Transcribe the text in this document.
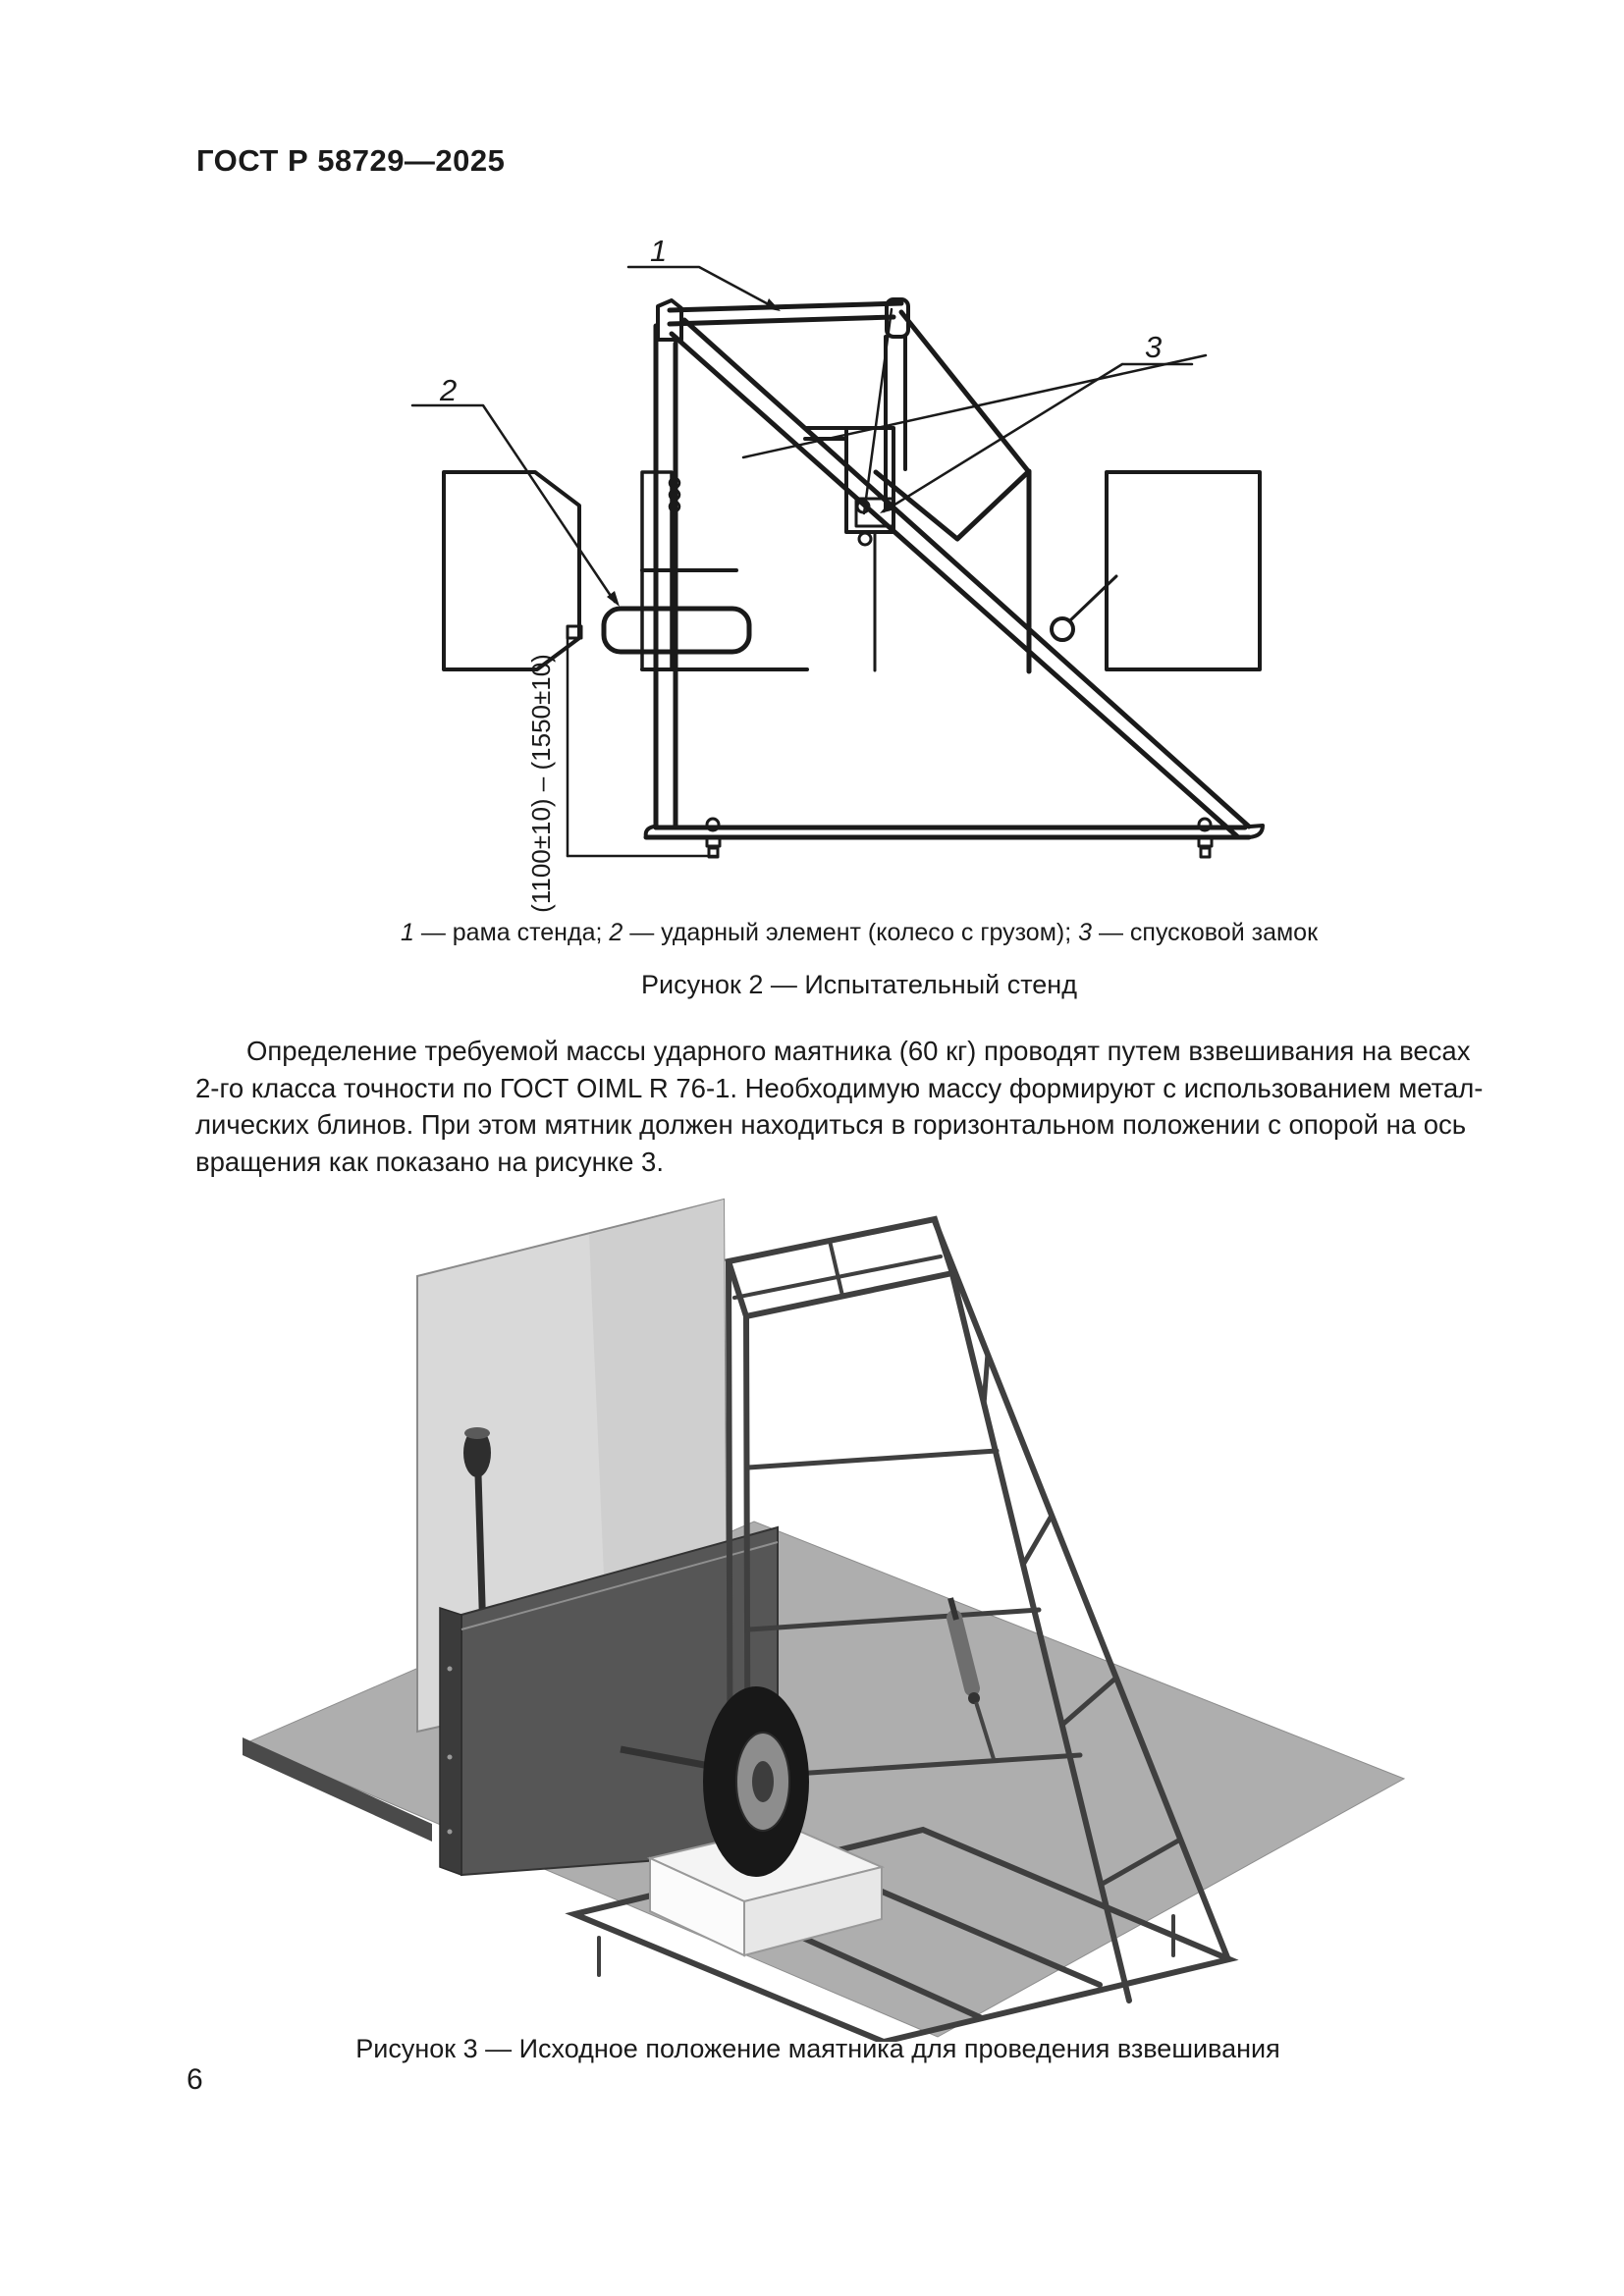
ГОСТ Р 58729—2025
1
2
3
(1100±10) – (1550±10)
1 — рама стенда; 2 — ударный элемент (колесо с грузом); 3 — спусковой замок
Рисунок 2 — Испытательный стенд
Определение требуемой массы ударного маятника (60 кг) проводят путем взвешивания на весах
2-го класса точности по ГОСТ OIML R 76-1. Необходимую массу формируют с использованием метал-
лических блинов. При этом мятник должен находиться в горизонтальном положении с опорой на ось
вращения как показано на рисунке 3.
Рисунок 3 — Исходное положение маятника для проведения взвешивания
6
